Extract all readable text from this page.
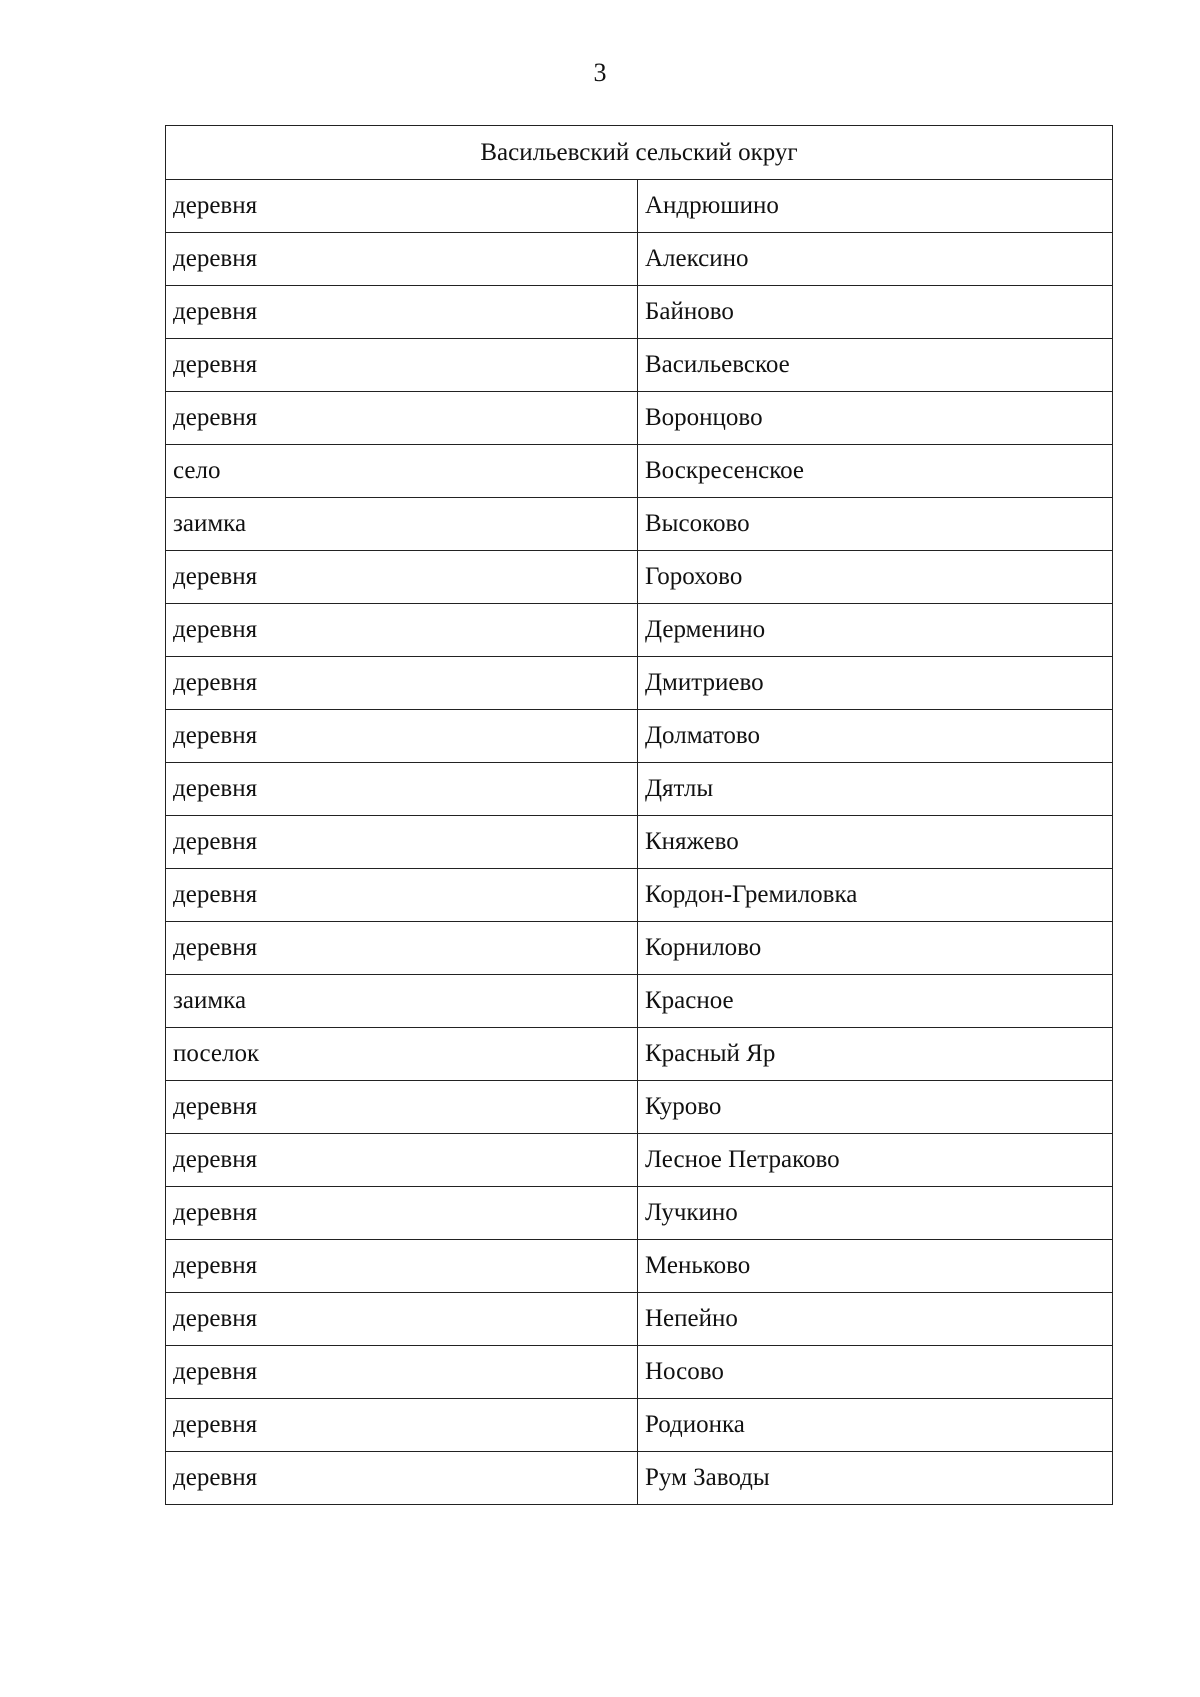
3
Васильевский сельский округ	
деревня	Андрюшино
деревня	Алексино
деревня	Байново
деревня	Васильевское
деревня	Воронцово
село	Воскресенское
заимка	Высоково
деревня	Горохово
деревня	Дерменино
деревня	Дмитриево
деревня	Долматово
деревня	Дятлы
деревня	Княжево
деревня	Кордон-Гремиловка
деревня	Корнилово
заимка	Красное
поселок	Красный Яр
деревня	Курово
деревня	Лесное Петраково
деревня	Лучкино
деревня	Меньково
деревня	Непейно
деревня	Носово
деревня	Родионка
деревня	Рум Заводы
